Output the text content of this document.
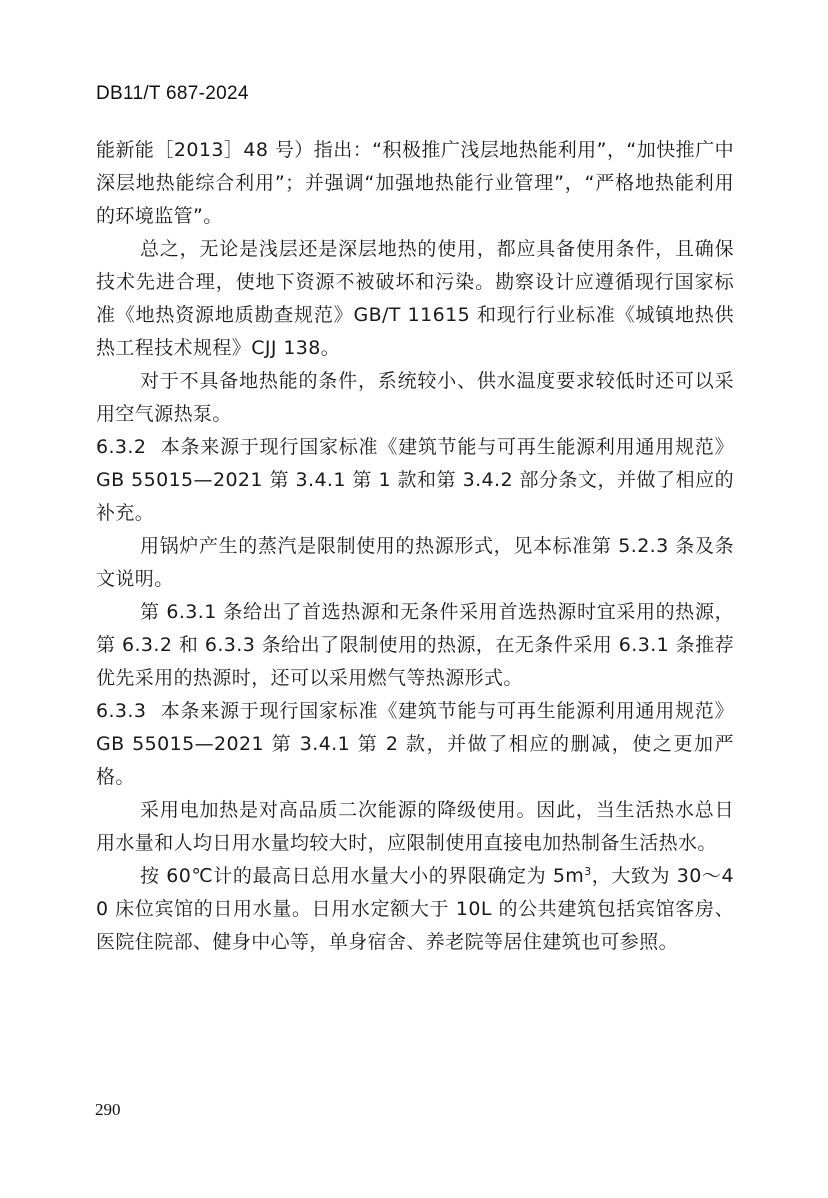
DB11/T 687-2024

能新能［2013］48 号）指出：“积极推广浅层地热能利用”，“加快推广中深层地热能综合利用”；并强调“加强地热能行业管理”，“严格地热能利用的环境监管”。

总之，无论是浅层还是深层地热的使用，都应具备使用条件，且确保技术先进合理，使地下资源不被破坏和污染。勘察设计应遵循现行国家标准《地热资源地质勘查规范》GB/T 11615 和现行行业标准《城镇地热供热工程技术规程》CJJ 138。

对于不具备地热能的条件，系统较小、供水温度要求较低时还可以采用空气源热泵。

6.3.2 本条来源于现行国家标准《建筑节能与可再生能源利用通用规范》GB 55015—2021 第 3.4.1 第 1 款和第 3.4.2 部分条文，并做了相应的补充。

用锅炉产生的蒸汽是限制使用的热源形式，见本标准第 5.2.3 条及条文说明。

第 6.3.1 条给出了首选热源和无条件采用首选热源时宜采用的热源，第 6.3.2 和 6.3.3 条给出了限制使用的热源，在无条件采用 6.3.1 条推荐优先采用的热源时，还可以采用燃气等热源形式。

6.3.3 本条来源于现行国家标准《建筑节能与可再生能源利用通用规范》GB 55015—2021 第 3.4.1 第 2 款，并做了相应的删减，使之更加严格。

采用电加热是对高品质二次能源的降级使用。因此，当生活热水总日用水量和人均日用水量均较大时，应限制使用直接电加热制备生活热水。

按 60℃计的最高日总用水量大小的界限确定为 $5m^3$，大致为 30～40 床位宾馆的日用水量。日用水定额大于 10L 的公共建筑包括宾馆客房、医院住院部、健身中心等，单身宿舍、养老院等居住建筑也可参照。

290
